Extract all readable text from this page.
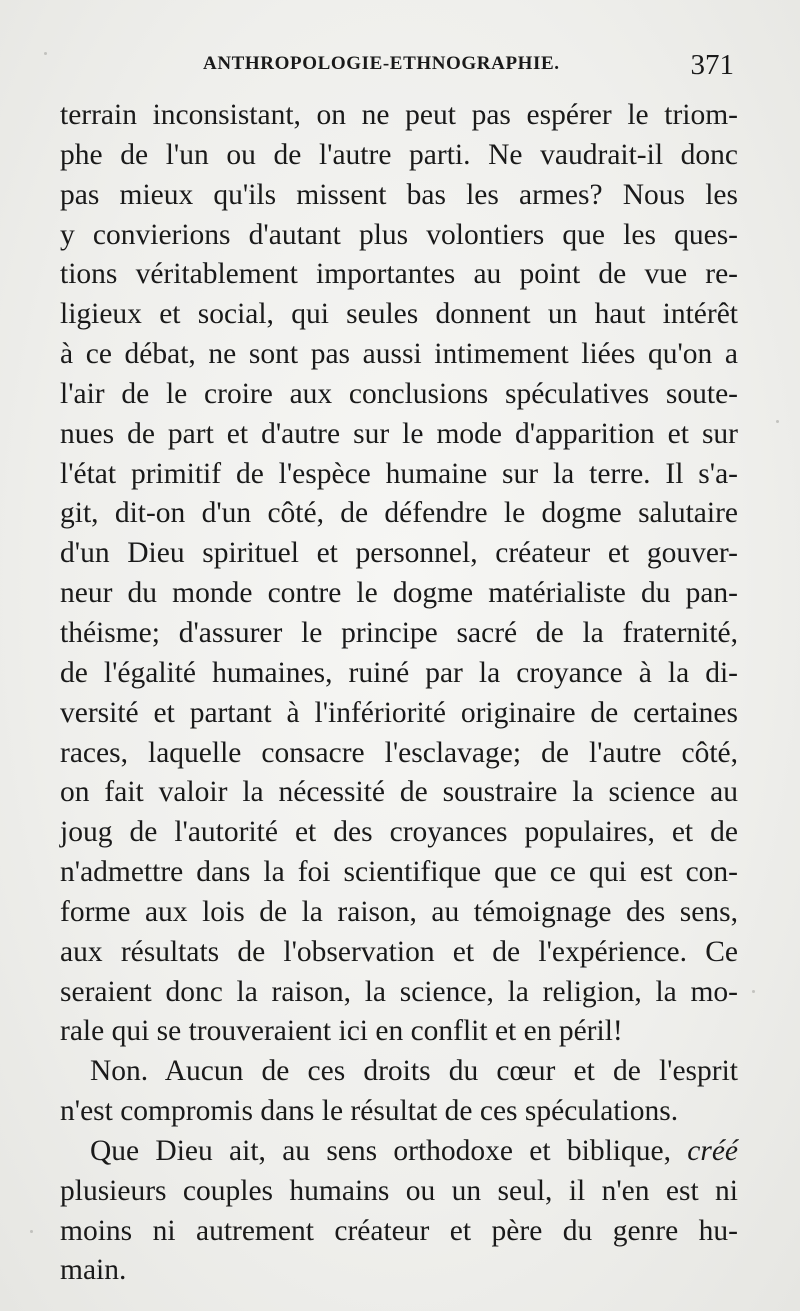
ANTHROPOLOGIE-ETHNOGRAPHIE.	371
terrain inconsistant, on ne peut pas espérer le triom-
phe de l'un ou de l'autre parti. Ne vaudrait-il donc
pas mieux qu'ils missent bas les armes? Nous les
y convierions d'autant plus volontiers que les ques-
tions véritablement importantes au point de vue re-
ligieux et social, qui seules donnent un haut intérêt
à ce débat, ne sont pas aussi intimement liées qu'on a
l'air de le croire aux conclusions spéculatives soute-
nues de part et d'autre sur le mode d'apparition et sur
l'état primitif de l'espèce humaine sur la terre. Il s'a-
git, dit-on d'un côté, de défendre le dogme salutaire
d'un Dieu spirituel et personnel, créateur et gouver-
neur du monde contre le dogme matérialiste du pan-
théisme; d'assurer le principe sacré de la fraternité,
de l'égalité humaines, ruiné par la croyance à la di-
versité et partant à l'infériorité originaire de certaines
races, laquelle consacre l'esclavage; de l'autre côté,
on fait valoir la nécessité de soustraire la science au
joug de l'autorité et des croyances populaires, et de
n'admettre dans la foi scientifique que ce qui est con-
forme aux lois de la raison, au témoignage des sens,
aux résultats de l'observation et de l'expérience. Ce
seraient donc la raison, la science, la religion, la mo-
rale qui se trouveraient ici en conflit et en péril!
Non. Aucun de ces droits du cœur et de l'esprit
n'est compromis dans le résultat de ces spéculations.
Que Dieu ait, au sens orthodoxe et biblique, créé
plusieurs couples humains ou un seul, il n'en est ni
moins ni autrement créateur et père du genre hu-
main.
